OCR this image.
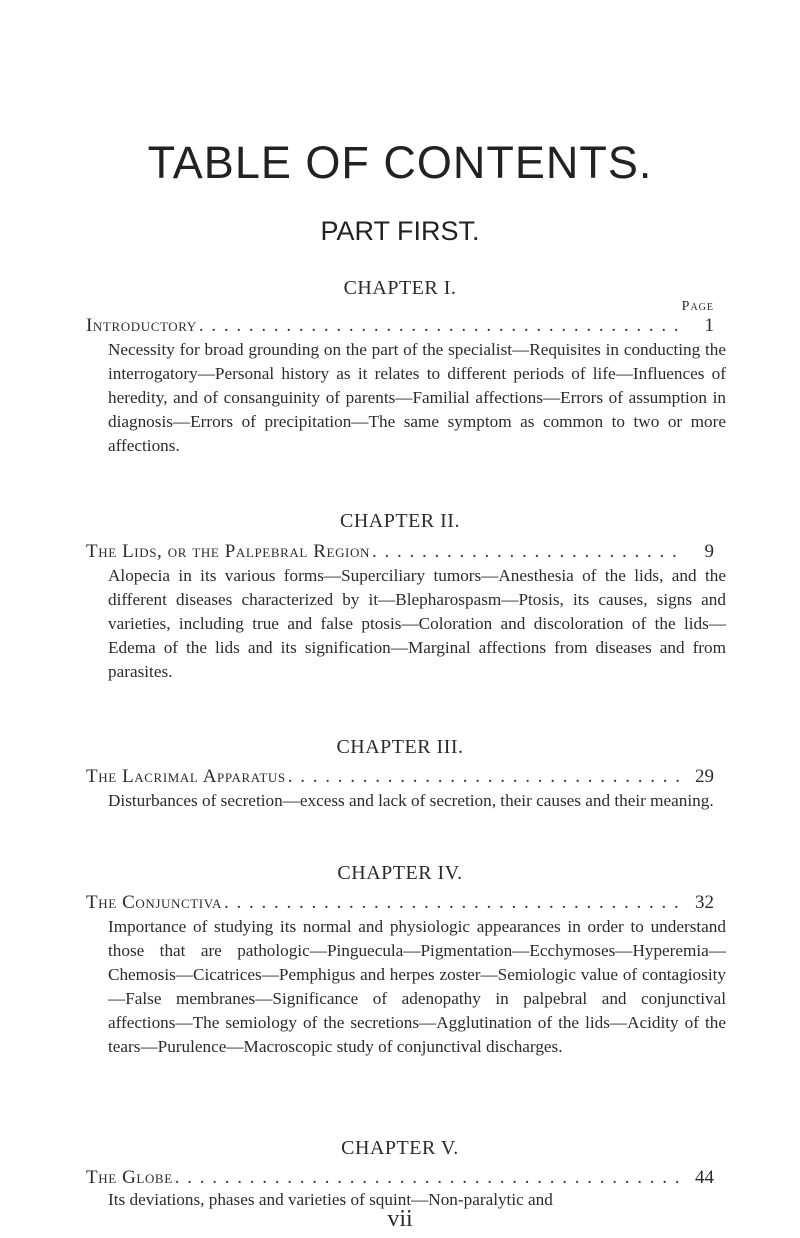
TABLE OF CONTENTS.
PART FIRST.
CHAPTER I.
Page
Introductory . . .	1

Necessity for broad grounding on the part of the specialist—Requisites in conducting the interrogatory—Personal history as it relates to different periods of life—Influences of heredity, and of consanguinity of parents—Familial affections—Errors of assumption in diagnosis—Errors of precipitation—The same symptom as common to two or more affections.

CHAPTER II.
The Lids, or the Palpebral Region . . .	9

Alopecia in its various forms—Superciliary tumors—Anesthesia of the lids, and the different diseases characterized by it—Blepharospasm—Ptosis, its causes, signs and varieties, including true and false ptosis—Coloration and discoloration of the lids—Edema of the lids and its signification—Marginal affections from diseases and from parasites.

CHAPTER III.
The Lacrimal Apparatus . . .	29

Disturbances of secretion—excess and lack of secretion, their causes and their meaning.

CHAPTER IV.
The Conjunctiva . . .	32

Importance of studying its normal and physiologic appearances in order to understand those that are pathologic—Pinguecula—Pigmentation—Ecchymoses—Hyperemia—Chemosis—Cicatrices—Pemphigus and herpes zoster—Semiologic value of contagiosity—False membranes—Significance of adenopathy in palpebral and conjunctival affections—The semiology of the secretions—Agglutination of the lids—Acidity of the tears—Purulence—Macroscopic study of conjunctival discharges.

CHAPTER V.
The Globe . . .	44

Its deviations, phases and varieties of squint—Non-paralytic and

vii
